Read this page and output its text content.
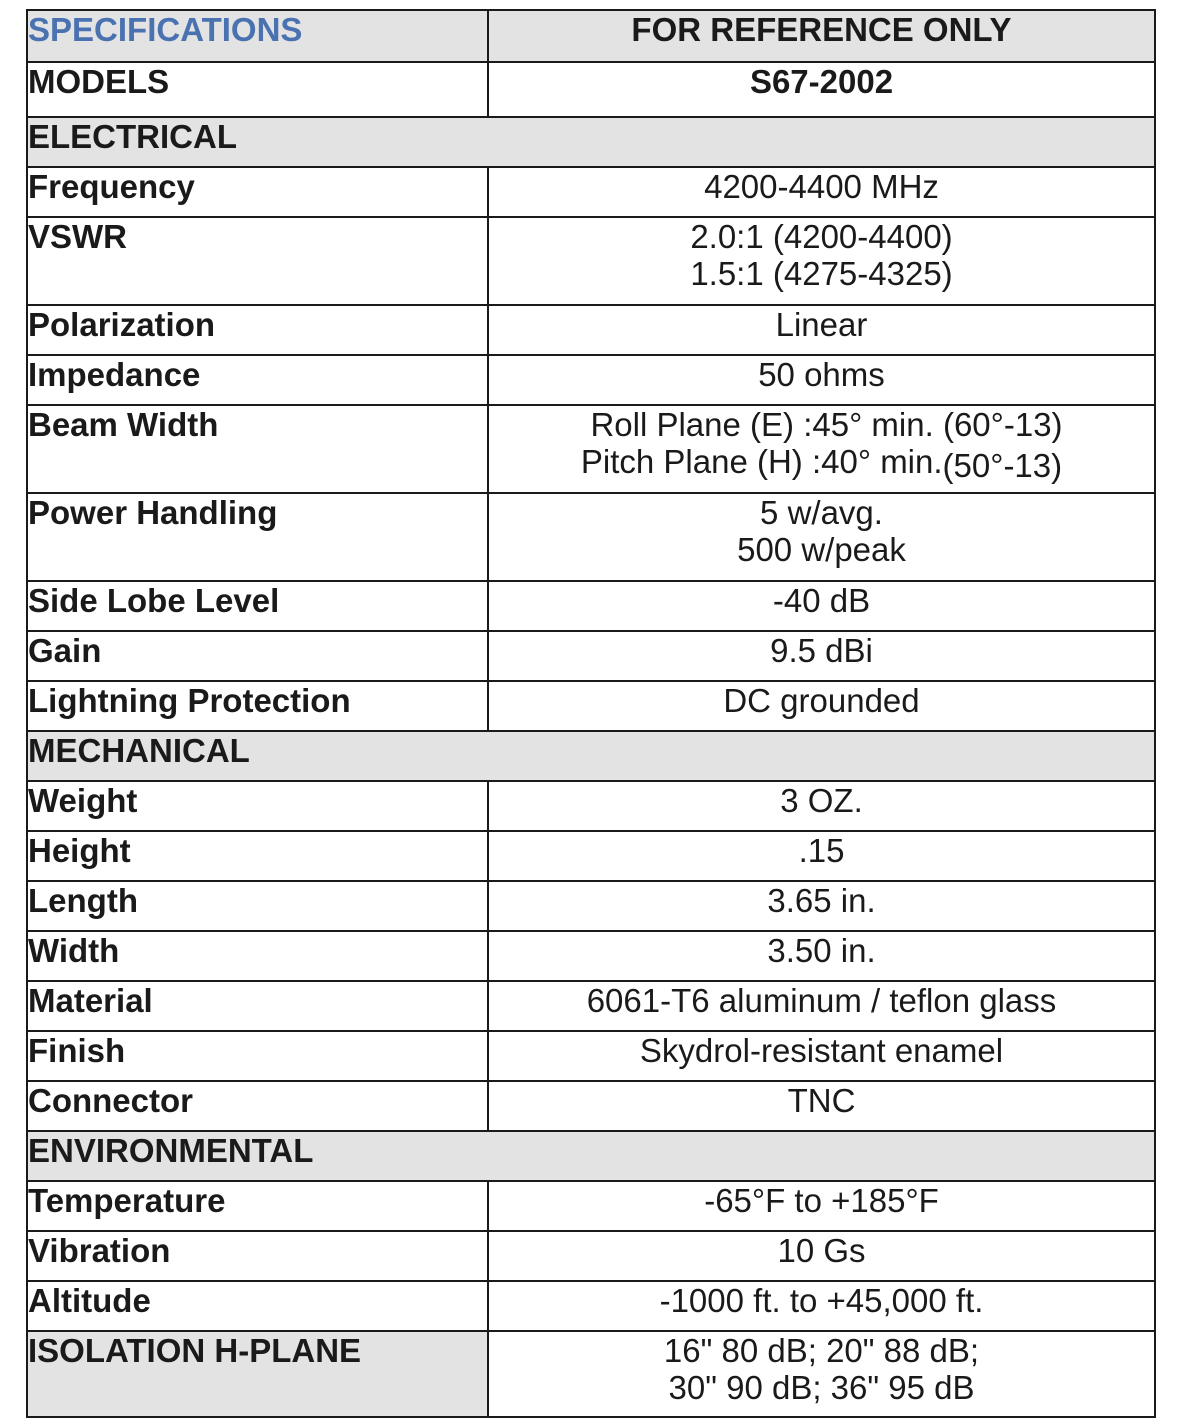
SPECIFICATIONS	FOR REFERENCE ONLY
MODELS	S67-2002
ELECTRICAL	
Frequency	4200-4400 MHz
VSWR	2.0:1 (4200-4400)
1.5:1 (4275-4325)

Polarization	Linear
Impedance	50 ohms
Beam Width	Roll Plane (E) :45° min. (60°-13)
Pitch Plane (H) :40° min.(50°-13)

Power Handling	5 w/avg.
500 w/peak

Side Lobe Level	-40 dB
Gain	9.5 dBi
Lightning Protection	DC grounded
MECHANICAL	
Weight	3 OZ.
Height	.15
Length	3.65 in.
Width	3.50 in.
Material	6061-T6 aluminum / teflon glass
Finish	Skydrol-resistant enamel
Connector	TNC
ENVIRONMENTAL	
Temperature	-65°F to +185°F
Vibration	10 Gs
Altitude	-1000 ft. to +45,000 ft.
ISOLATION H-PLANE	16" 80 dB; 20" 88 dB;
30" 90 dB; 36" 95 dB
